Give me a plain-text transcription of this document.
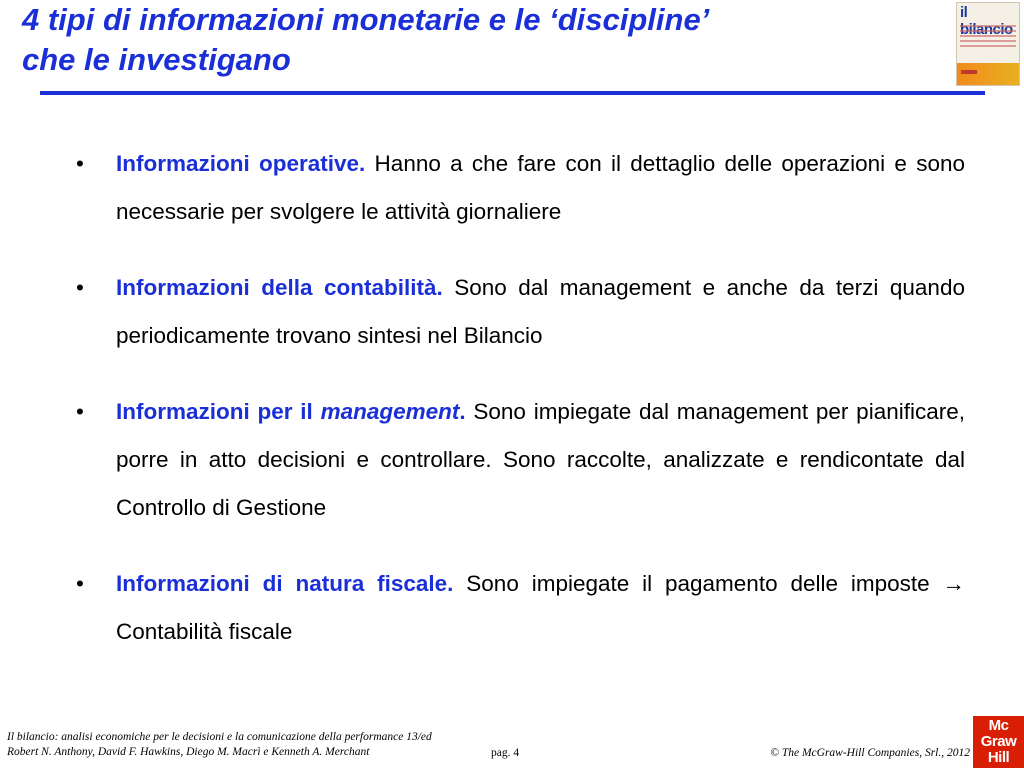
4 tipi di informazioni monetarie e le ‘discipline’
che le investigano
il
• Informazioni operative. Hanno a che fare con il dettaglio delle operazioni e sono necessarie per svolgere le attività giornaliere
• Informazioni della contabilità. Sono dal management e anche da terzi quando periodicamente trovano sintesi nel Bilancio
• Informazioni per il management. Sono impiegate dal management per pianificare, porre in atto decisioni e controllare. Sono raccolte, analizzate e rendicontate dal Controllo di Gestione
• Informazioni di natura fiscale. Sono impiegate il pagamento delle imposte → Contabilità fiscale
Il bilancio: analisi economiche per le decisioni e la comunicazione della performance 13/ed
Robert N. Anthony, David F. Hawkins, Diego M. Macrì e Kenneth A. Merchant	pag. 4	© The McGraw-Hill Companies, Srl., 2012
Mc
Graw
Hill
